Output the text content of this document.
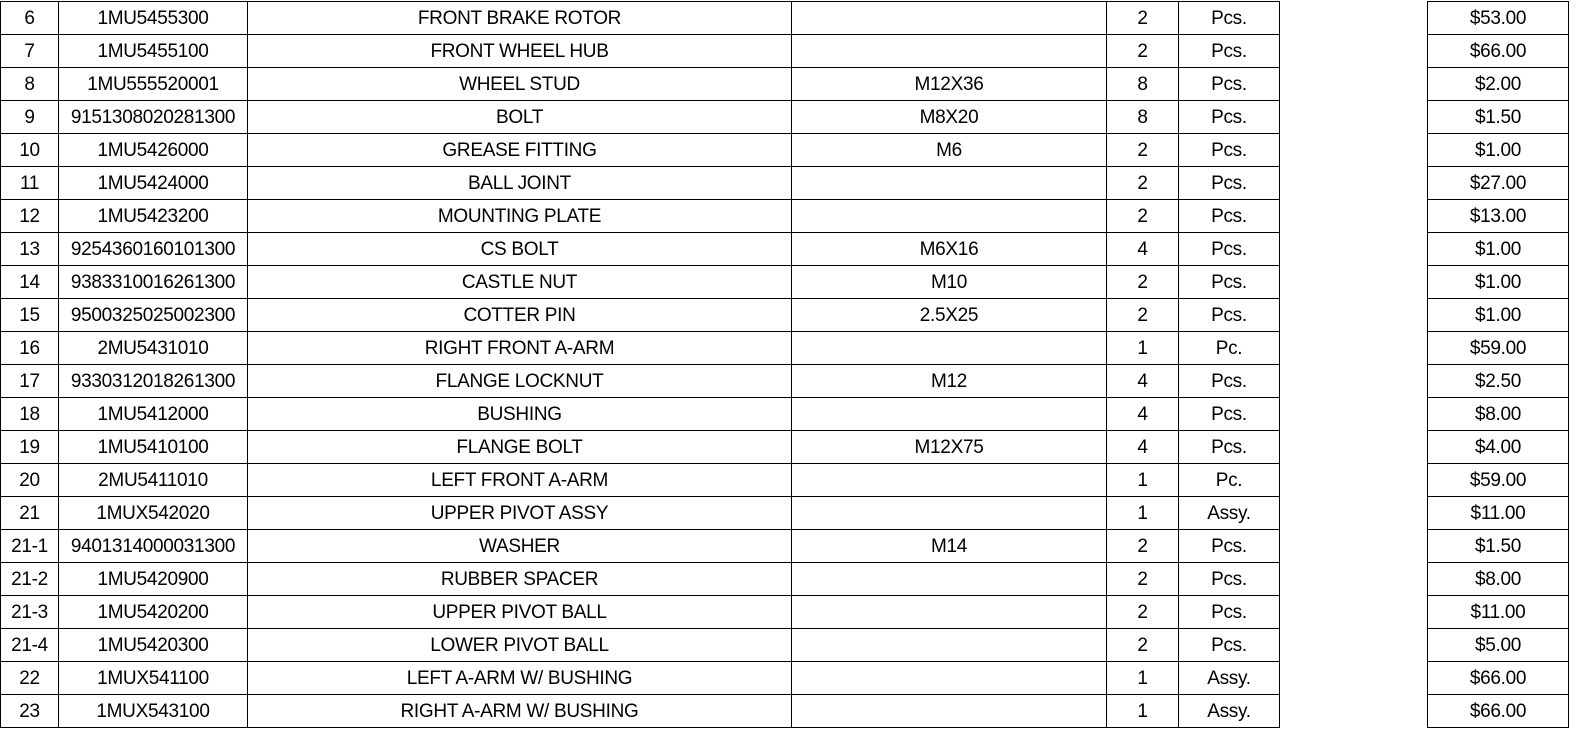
6	1MU5455300	FRONT BRAKE ROTOR		2	Pcs.		$53.00
7	1MU5455100	FRONT WHEEL HUB		2	Pcs.		$66.00
8	1MU555520001	WHEEL STUD	M12X36	8	Pcs.		$2.00
9	9151308020281300	BOLT	M8X20	8	Pcs.		$1.50
10	1MU5426000	GREASE FITTING	M6	2	Pcs.		$1.00
11	1MU5424000	BALL JOINT		2	Pcs.		$27.00
12	1MU5423200	MOUNTING PLATE		2	Pcs.		$13.00
13	9254360160101300	CS BOLT	M6X16	4	Pcs.		$1.00
14	9383310016261300	CASTLE NUT	M10	2	Pcs.		$1.00
15	9500325025002300	COTTER PIN	2.5X25	2	Pcs.		$1.00
16	2MU5431010	RIGHT FRONT A-ARM		1	Pc.		$59.00
17	9330312018261300	FLANGE LOCKNUT	M12	4	Pcs.		$2.50
18	1MU5412000	BUSHING		4	Pcs.		$8.00
19	1MU5410100	FLANGE BOLT	M12X75	4	Pcs.		$4.00
20	2MU5411010	LEFT FRONT A-ARM		1	Pc.		$59.00
21	1MUX542020	UPPER PIVOT ASSY		1	Assy.		$11.00
21-1	9401314000031300	WASHER	M14	2	Pcs.		$1.50
21-2	1MU5420900	RUBBER SPACER		2	Pcs.		$8.00
21-3	1MU5420200	UPPER PIVOT BALL		2	Pcs.		$11.00
21-4	1MU5420300	LOWER PIVOT BALL		2	Pcs.		$5.00
22	1MUX541100	LEFT A-ARM W/ BUSHING		1	Assy.		$66.00
23	1MUX543100	RIGHT A-ARM W/ BUSHING		1	Assy.		$66.00
